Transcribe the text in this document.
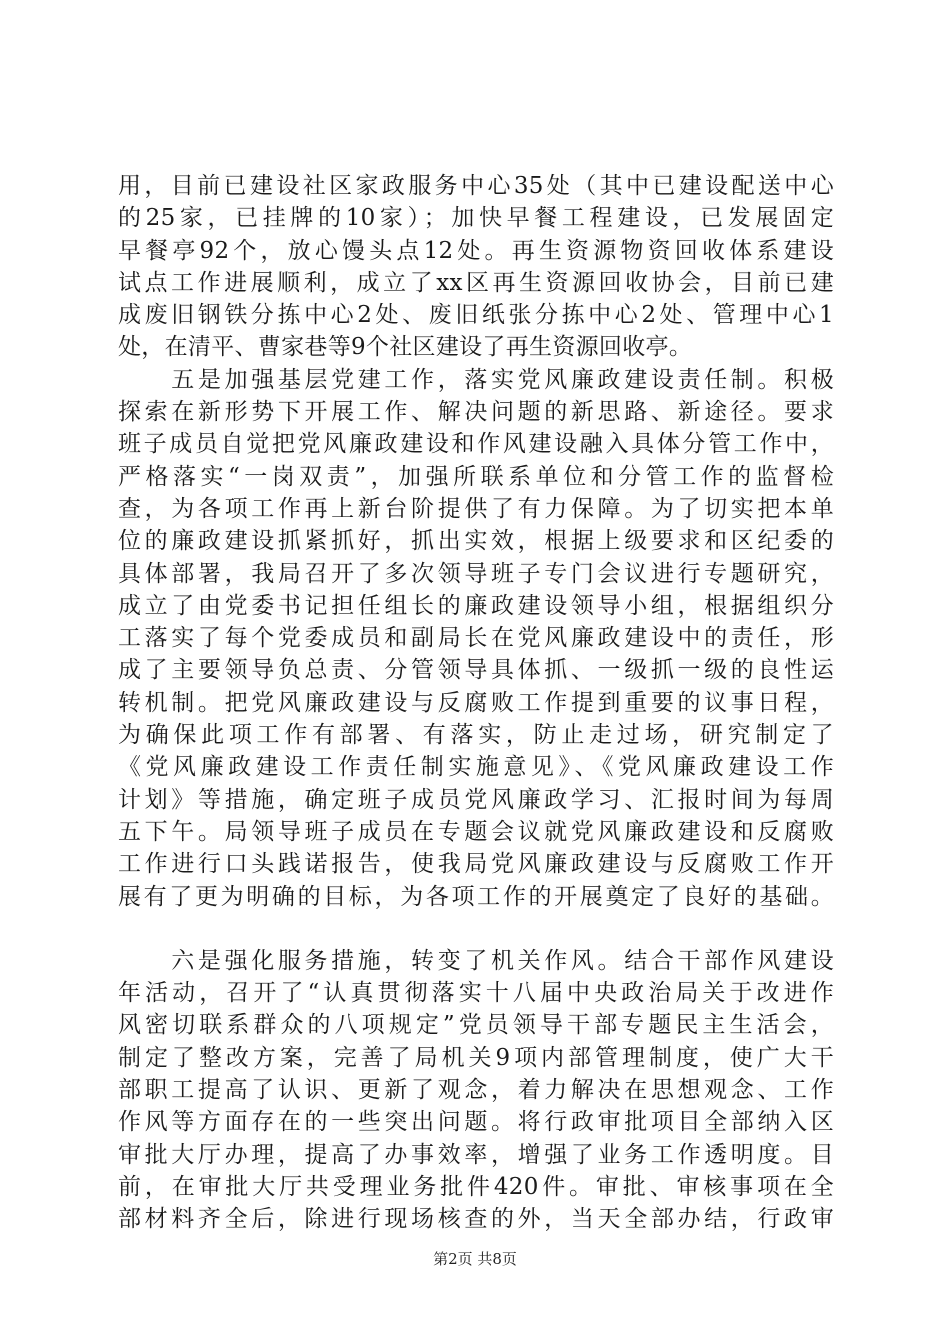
用，目前已建设社区家政服务中心35处（其中已建设配送中心
的25家，已挂牌的10家）；加快早餐工程建设，已发展固定
早餐亭92个，放心馒头点12处。再生资源物资回收体系建设
试点工作进展顺利，成立了xx区再生资源回收协会，目前已建
成废旧钢铁分拣中心2处、废旧纸张分拣中心2处、管理中心1
处，在清平、曹家巷等9个社区建设了再生资源回收亭。
　　五是加强基层党建工作，落实党风廉政建设责任制。积极
探索在新形势下开展工作、解决问题的新思路、新途径。要求
班子成员自觉把党风廉政建设和作风建设融入具体分管工作中，
严格落实“一岗双责”，加强所联系单位和分管工作的监督检
查，为各项工作再上新台阶提供了有力保障。为了切实把本单
位的廉政建设抓紧抓好，抓出实效，根据上级要求和区纪委的
具体部署，我局召开了多次领导班子专门会议进行专题研究，
成立了由党委书记担任组长的廉政建设领导小组，根据组织分
工落实了每个党委成员和副局长在党风廉政建设中的责任，形
成了主要领导负总责、分管领导具体抓、一级抓一级的良性运
转机制。把党风廉政建设与反腐败工作提到重要的议事日程，
为确保此项工作有部署、有落实，防止走过场，研究制定了
《党风廉政建设工作责任制实施意见》、《党风廉政建设工作
计划》等措施，确定班子成员党风廉政学习、汇报时间为每周
五下午。局领导班子成员在专题会议就党风廉政建设和反腐败
工作进行口头践诺报告，使我局党风廉政建设与反腐败工作开
展有了更为明确的目标，为各项工作的开展奠定了良好的基础。
　　六是强化服务措施，转变了机关作风。结合干部作风建设
年活动，召开了“认真贯彻落实十八届中央政治局关于改进作
风密切联系群众的八项规定”党员领导干部专题民主生活会，
制定了整改方案，完善了局机关9项内部管理制度，使广大干
部职工提高了认识、更新了观念，着力解决在思想观念、工作
作风等方面存在的一些突出问题。将行政审批项目全部纳入区
审批大厅办理，提高了办事效率，增强了业务工作透明度。目
前，在审批大厅共受理业务批件420件。审批、审核事项在全
部材料齐全后，除进行现场核查的外，当天全部办结，行政审
第2页 共8页
